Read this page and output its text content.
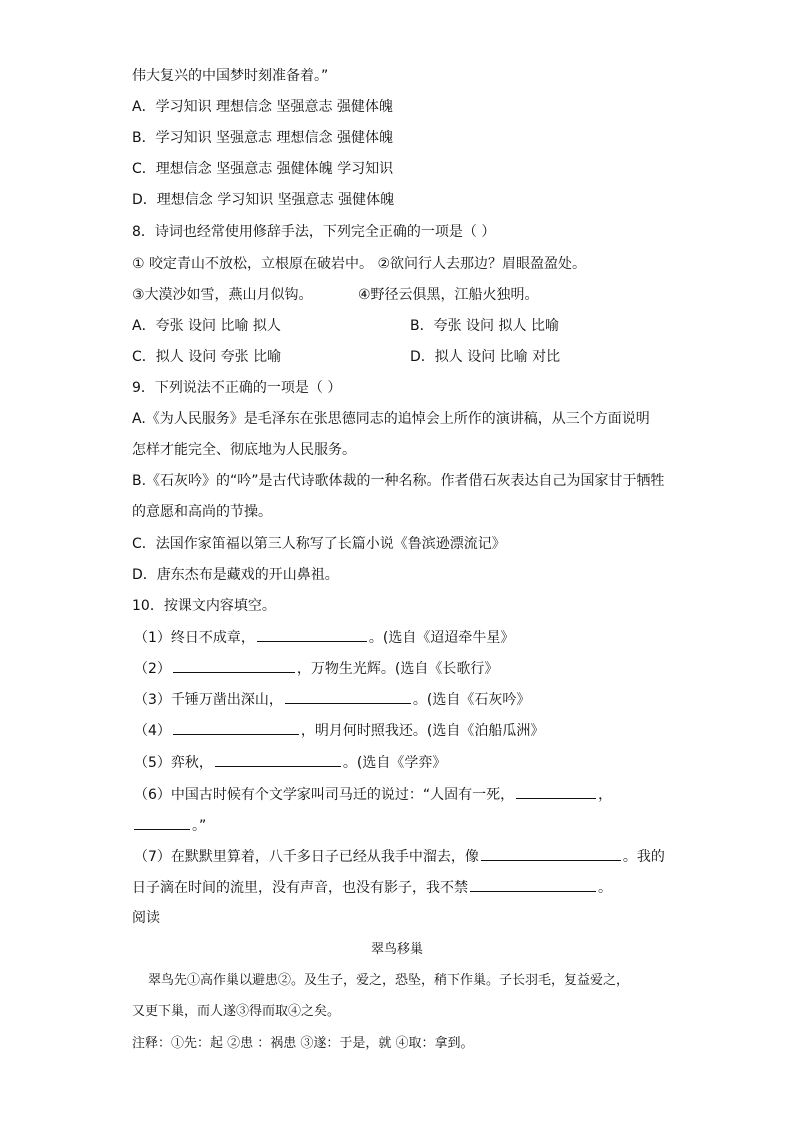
伟大复兴的中国梦时刻准备着。”
A．学习知识 理想信念 坚强意志 强健体魄
B．学习知识 坚强意志 理想信念 强健体魄
C．理想信念 坚强意志 强健体魄 学习知识
D．理想信念 学习知识 坚强意志 强健体魄
8．诗词也经常使用修辞手法，下列完全正确的一项是（ ）
① 咬定青山不放松，立根原在破岩中。 ②欲问行人去那边？眉眼盈盈处。
③大漠沙如雪，燕山月似钩。	④野径云俱黑，江船火独明。
A．夸张 设问 比喻 拟人	B．夸张 设问 拟人 比喻
C．拟人 设问 夸张 比喻	D．拟人 设问 比喻 对比
9．下列说法不正确的一项是（ ）
A.《为人民服务》是毛泽东在张思德同志的追悼会上所作的演讲稿，从三个方面说明
怎样才能完全、彻底地为人民服务。
B.《石灰吟》的“吟”是古代诗歌体裁的一种名称。作者借石灰表达自己为国家甘于牺牲
的意愿和高尚的节操。
C．法国作家笛福以第三人称写了长篇小说《鲁滨逊漂流记》
D．唐东杰布是藏戏的开山鼻祖。
10．按课文内容填空。
（1）终日不成章，	。(选自《迢迢牵牛星》
（2）	，万物生光辉。(选自《长歌行》
（3）千锤万凿出深山，	。(选自《石灰吟》
（4）	，明月何时照我还。(选自《泊船瓜洲》
（5）弈秋，	。(选自《学弈》
（6）中国古时候有个文学家叫司马迁的说过：“人固有一死，	，
。”
（7）在默默里算着，八千多日子已经从我手中溜去，像	。我的
日子滴在时间的流里，没有声音，也没有影子，我不禁	。
阅读
翠鸟移巢
翠鸟先①高作巢以避患②。及生子，爱之，恐坠，稍下作巢。子长羽毛，复益爱之，
又更下巢，而人遂③得而取④之矣。
注释：①先：起 ②患 ：祸患 ③遂：于是，就 ④取：拿到。
